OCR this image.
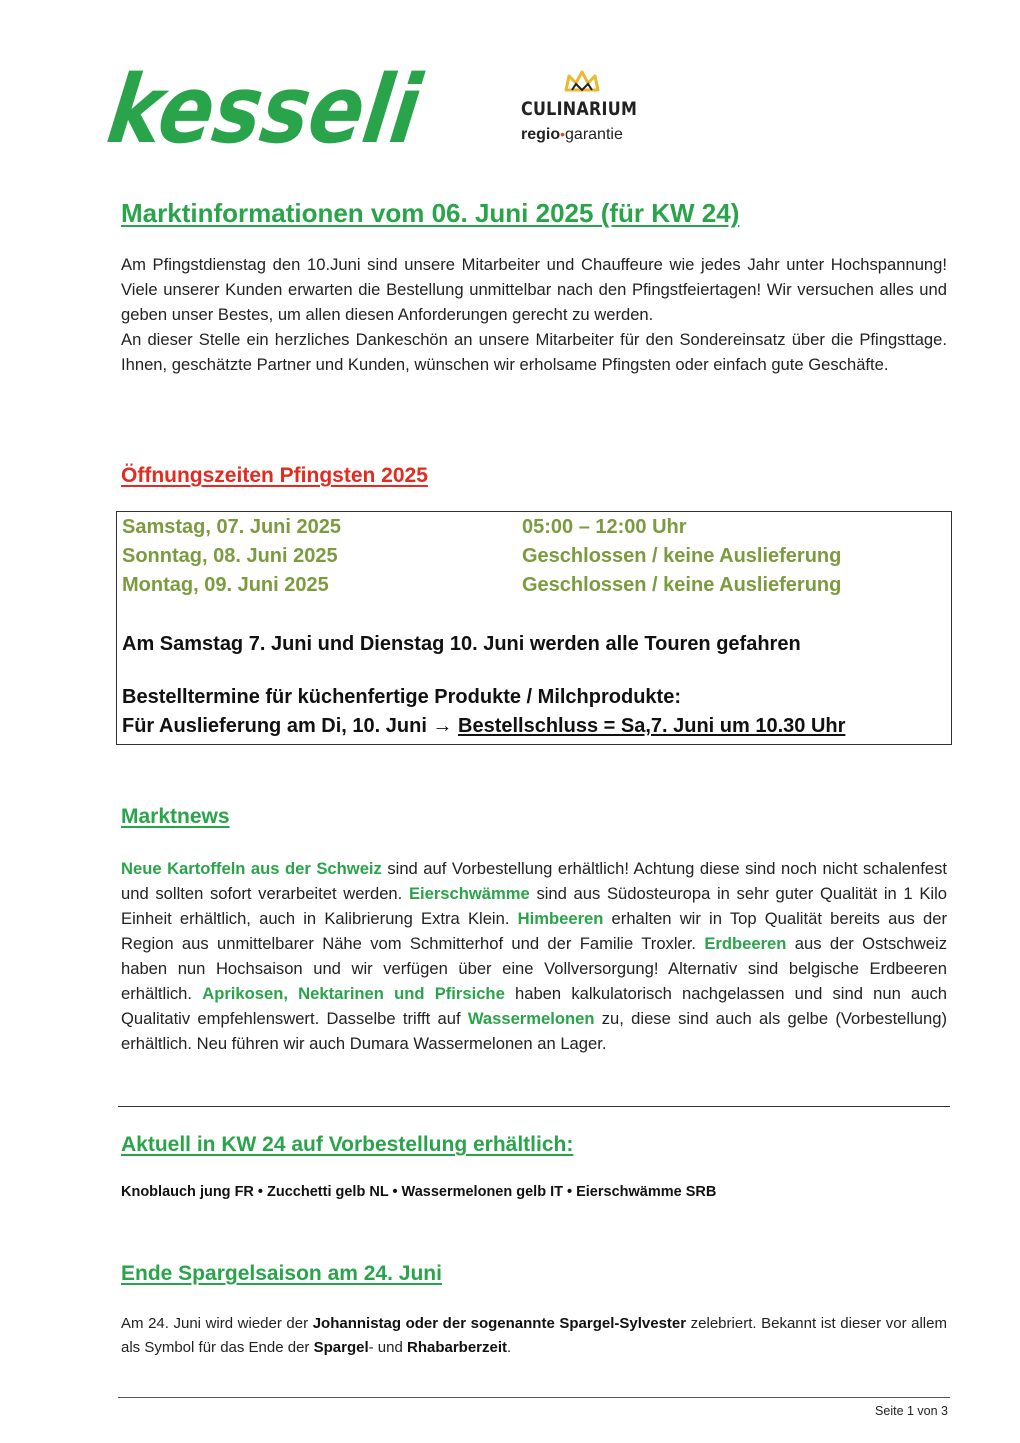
kesseli CULINARIUM
regio•garantie
Marktinformationen vom 06. Juni 2025 (für KW 24)
Am Pfingstdienstag den 10.Juni sind unsere Mitarbeiter und Chauffeure wie jedes Jahr unter Hochspannung! Viele unserer Kunden erwarten die Bestellung unmittelbar nach den Pfingstfeiertagen! Wir versuchen alles und geben unser Bestes, um allen diesen Anforderungen gerecht zu werden.
An dieser Stelle ein herzliches Dankeschön an unsere Mitarbeiter für den Sondereinsatz über die Pfingsttage. Ihnen, geschätzte Partner und Kunden, wünschen wir erholsame Pfingsten oder einfach gute Geschäfte.
Öffnungszeiten Pfingsten 2025
Samstag, 07. Juni 2025	05:00 – 12:00 Uhr
Sonntag, 08. Juni 2025	Geschlossen / keine Auslieferung
Montag, 09. Juni 2025	Geschlossen / keine Auslieferung
Am Samstag 7. Juni und Dienstag 10. Juni werden alle Touren gefahren
Bestelltermine für küchenfertige Produkte / Milchprodukte:
Für Auslieferung am Di, 10. Juni → Bestellschluss = Sa,7. Juni um 10.30 Uhr
Marktnews
Neue Kartoffeln aus der Schweiz sind auf Vorbestellung erhältlich! Achtung diese sind noch nicht schalenfest und sollten sofort verarbeitet werden. Eierschwämme sind aus Südosteuropa in sehr guter Qualität in 1 Kilo Einheit erhältlich, auch in Kalibrierung Extra Klein. Himbeeren erhalten wir in Top Qualität bereits aus der Region aus unmittelbarer Nähe vom Schmitterhof und der Familie Troxler. Erdbeeren aus der Ostschweiz haben nun Hochsaison und wir verfügen über eine Vollversorgung! Alternativ sind belgische Erdbeeren erhältlich. Aprikosen, Nektarinen und Pfirsiche haben kalkulatorisch nachgelassen und sind nun auch Qualitativ empfehlenswert. Dasselbe trifft auf Wassermelonen zu, diese sind auch als gelbe (Vorbestellung) erhältlich. Neu führen wir auch Dumara Wassermelonen an Lager.
Aktuell in KW 24 auf Vorbestellung erhältlich:
Knoblauch jung FR • Zucchetti gelb NL • Wassermelonen gelb IT • Eierschwämme SRB
Ende Spargelsaison am 24. Juni
Am 24. Juni wird wieder der Johannistag oder der sogenannte Spargel-Sylvester zelebriert. Bekannt ist dieser vor allem als Symbol für das Ende der Spargel- und Rhabarberzeit.
Seite 1 von 3
